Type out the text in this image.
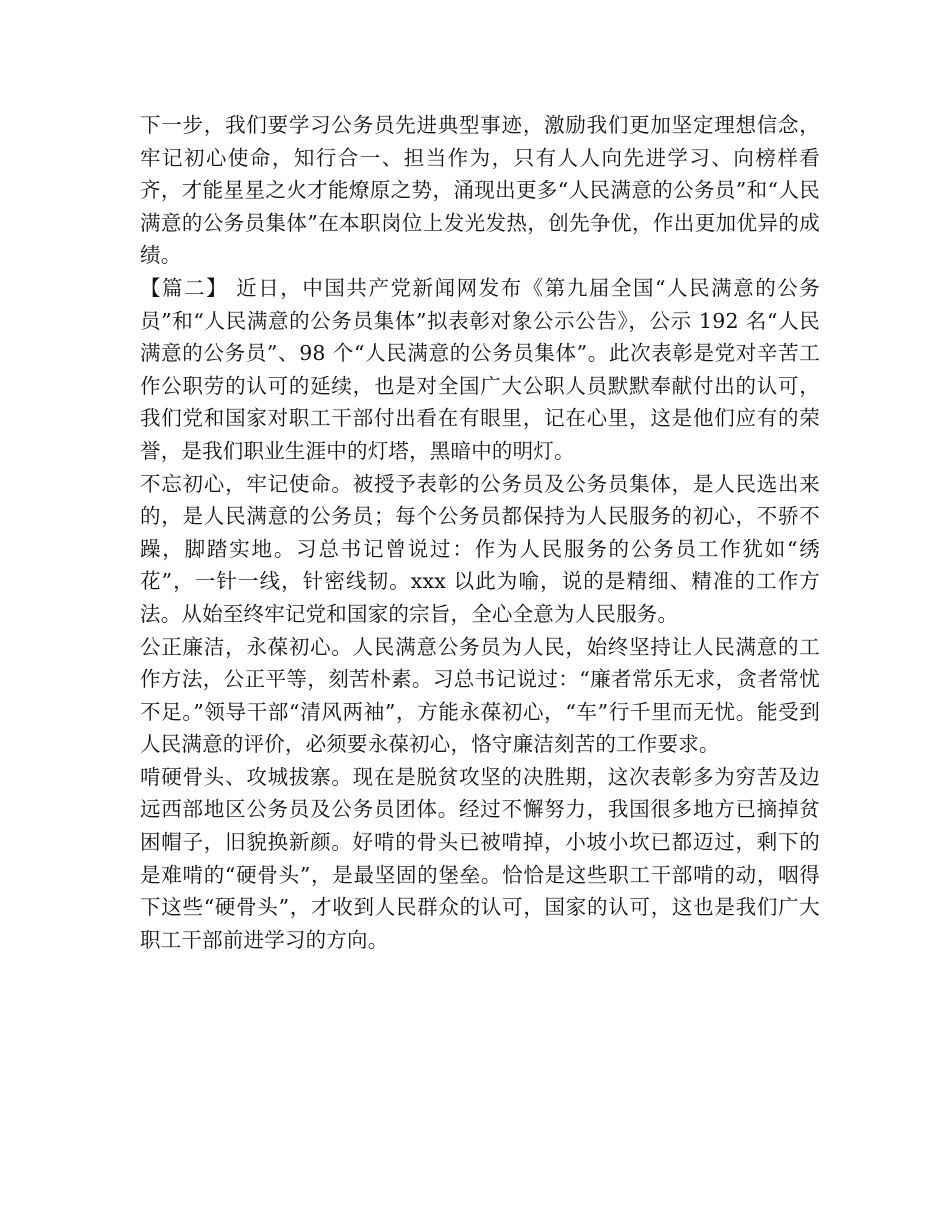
下一步，我们要学习公务员先进典型事迹，激励我们更加坚定理想信念，牢记初心使命，知行合一、担当作为，只有人人向先进学习、向榜样看齐，才能星星之火才能燎原之势，涌现出更多“人民满意的公务员”和“人民满意的公务员集体”在本职岗位上发光发热，创先争优，作出更加优异的成绩。

【篇二】 近日，中国共产党新闻网发布《第九届全国“人民满意的公务员”和“人民满意的公务员集体”拟表彰对象公示公告》，公示 192 名“人民满意的公务员”、98 个“人民满意的公务员集体”。此次表彰是党对辛苦工作公职劳的认可的延续，也是对全国广大公职人员默默奉献付出的认可，我们党和国家对职工干部付出看在有眼里，记在心里，这是他们应有的荣誉，是我们职业生涯中的灯塔，黑暗中的明灯。

不忘初心，牢记使命。被授予表彰的公务员及公务员集体，是人民选出来的，是人民满意的公务员；每个公务员都保持为人民服务的初心，不骄不躁，脚踏实地。习总书记曾说过：作为人民服务的公务员工作犹如“绣花”，一针一线，针密线韧。xxx 以此为喻，说的是精细、精准的工作方法。从始至终牢记党和国家的宗旨，全心全意为人民服务。

公正廉洁，永葆初心。人民满意公务员为人民，始终坚持让人民满意的工作方法，公正平等，刻苦朴素。习总书记说过：“廉者常乐无求，贪者常忧不足。”领导干部“清风两袖”，方能永葆初心，“车”行千里而无忧。能受到人民满意的评价，必须要永葆初心，恪守廉洁刻苦的工作要求。

啃硬骨头、攻城拔寨。现在是脱贫攻坚的决胜期，这次表彰多为穷苦及边远西部地区公务员及公务员团体。经过不懈努力，我国很多地方已摘掉贫困帽子，旧貌换新颜。好啃的骨头已被啃掉，小坡小坎已都迈过，剩下的是难啃的“硬骨头”，是最坚固的堡垒。恰恰是这些职工干部啃的动，咽得下这些“硬骨头”，才收到人民群众的认可，国家的认可，这也是我们广大职工干部前进学习的方向。
